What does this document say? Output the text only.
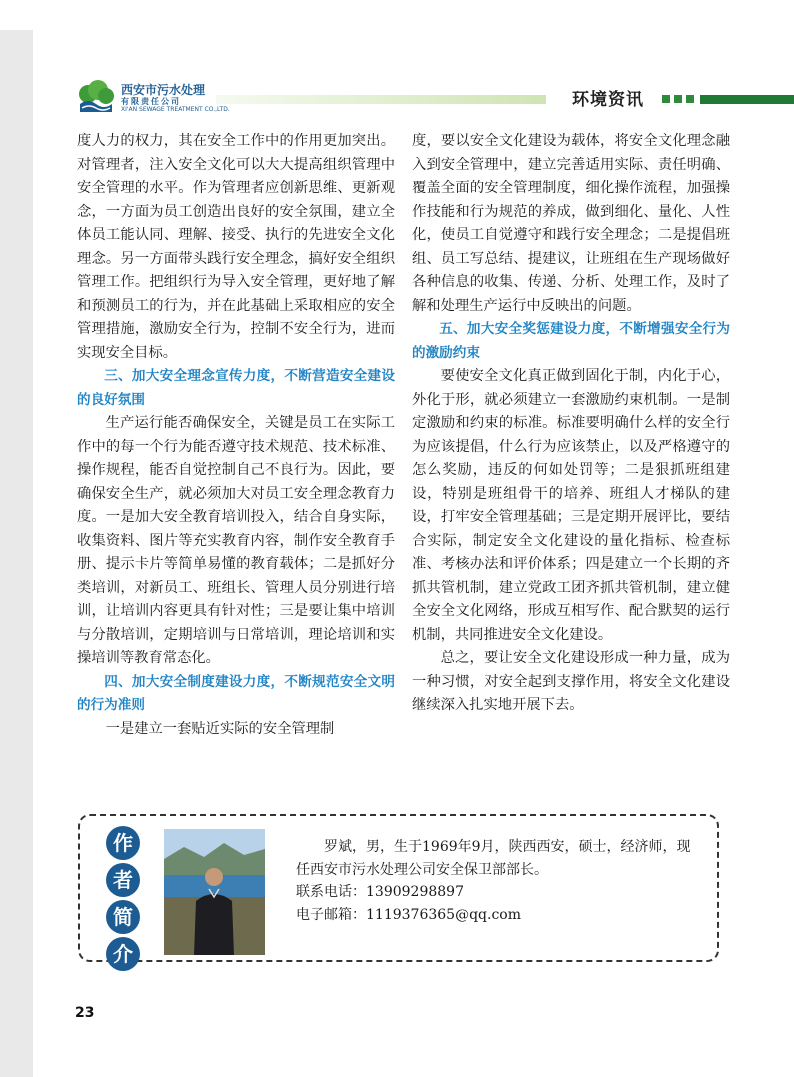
西安市污水处理
有限责任公司
XI'AN SEWAGE TREATMENT CO.,LTD.	环境资讯

度人力的权力，其在安全工作中的作用更加突出。对管理者，注入安全文化可以大大提高组织管理中安全管理的水平。作为管理者应创新思维、更新观念，一方面为员工创造出良好的安全氛围，建立全体员工能认同、理解、接受、执行的先进安全文化理念。另一方面带头践行安全理念，搞好安全组织管理工作。把组织行为导入安全管理，更好地了解和预测员工的行为，并在此基础上采取相应的安全管理措施，激励安全行为，控制不安全行为，进而实现安全目标。

三、加大安全理念宣传力度，不断营造安全建设的良好氛围

生产运行能否确保安全，关键是员工在实际工作中的每一个行为能否遵守技术规范、技术标准、操作规程，能否自觉控制自己不良行为。因此，要确保安全生产，就必须加大对员工安全理念教育力度。一是加大安全教育培训投入，结合自身实际，收集资料、图片等充实教育内容，制作安全教育手册、提示卡片等简单易懂的教育载体；二是抓好分类培训，对新员工、班组长、管理人员分别进行培训，让培训内容更具有针对性；三是要让集中培训与分散培训，定期培训与日常培训，理论培训和实操培训等教育常态化。

四、加大安全制度建设力度，不断规范安全文明的行为准则

一是建立一套贴近实际的安全管理制

度，要以安全文化建设为载体，将安全文化理念融入到安全管理中，建立完善适用实际、责任明确、覆盖全面的安全管理制度，细化操作流程，加强操作技能和行为规范的养成，做到细化、量化、人性化，使员工自觉遵守和践行安全理念；二是提倡班组、员工写总结、提建议，让班组在生产现场做好各种信息的收集、传递、分析、处理工作，及时了解和处理生产运行中反映出的问题。

五、加大安全奖惩建设力度，不断增强安全行为的激励约束

要使安全文化真正做到固化于制，内化于心，外化于形，就必须建立一套激励约束机制。一是制定激励和约束的标准。标准要明确什么样的安全行为应该提倡，什么行为应该禁止，以及严格遵守的怎么奖励，违反的何如处罚等；二是狠抓班组建设，特别是班组骨干的培养、班组人才梯队的建设，打牢安全管理基础；三是定期开展评比，要结合实际，制定安全文化建设的量化指标、检查标准、考核办法和评价体系；四是建立一个长期的齐抓共管机制，建立党政工团齐抓共管机制，建立健全安全文化网络，形成互相写作、配合默契的运行机制，共同推进安全文化建设。

总之，要让安全文化建设形成一种力量，成为一种习惯，对安全起到支撑作用，将安全文化建设继续深入扎实地开展下去。

作
者
简
介

罗斌，男，生于1969年9月，陕西西安，硕士，经济师，现任西安市污水处理公司安全保卫部部长。

联系电话：13909298897

电子邮箱：1119376365@qq.com

23
